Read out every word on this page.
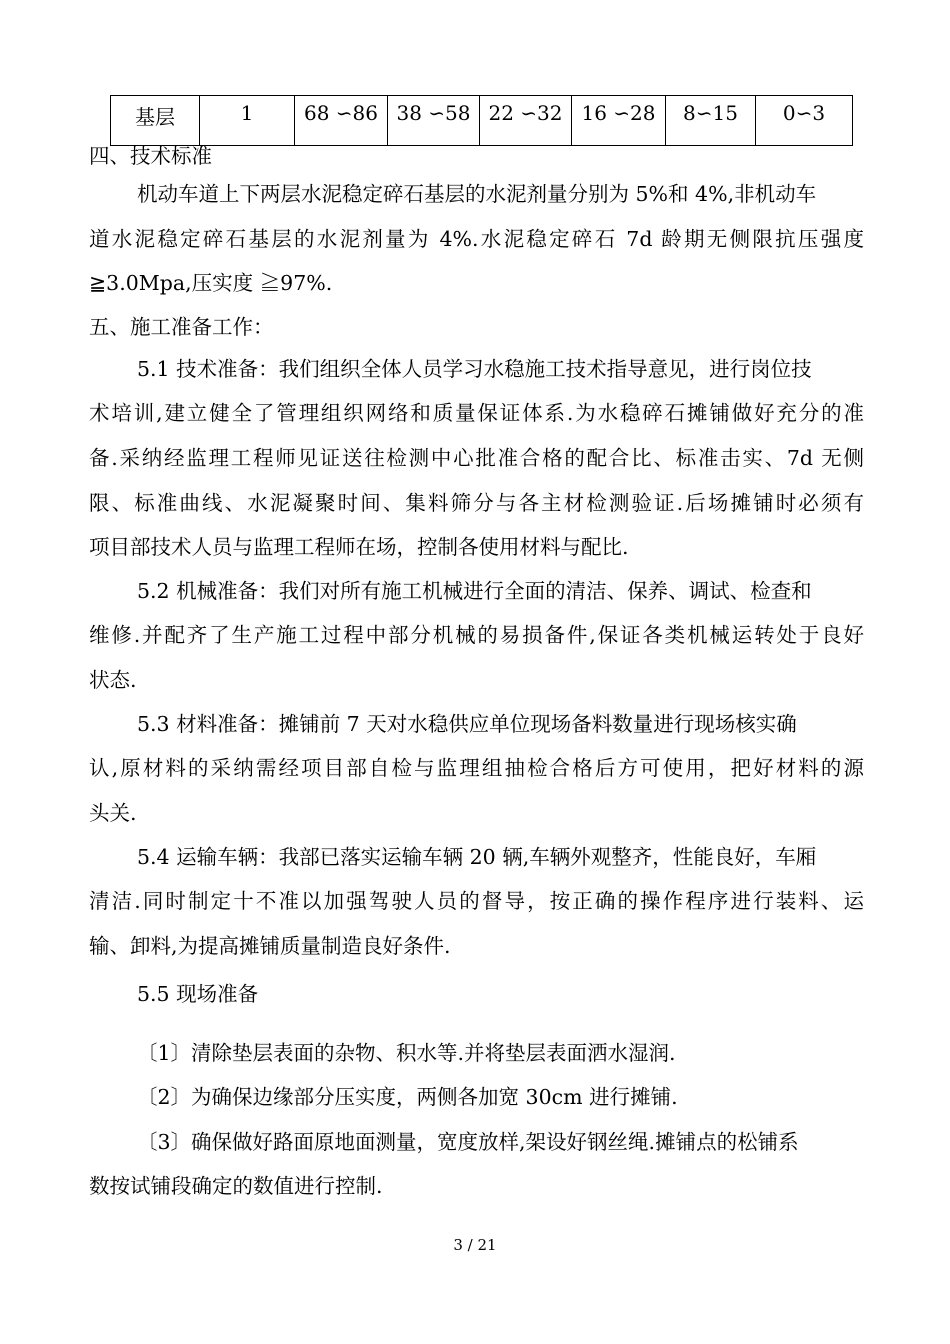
基层	1	68 ∽86	38 ∽58	22 ∽32	16 ∽28	8∽15	0∽3
四、技术标准
机动车道上下两层水泥稳定碎石基层的水泥剂量分别为 5%和 4%,非机动车
道水泥稳定碎石基层的水泥剂量为 4%.水泥稳定碎石 7d 龄期无侧限抗压强度
≧3.0Mpa,压实度 ≧97%.
五、施工准备工作：
5.1 技术准备：我们组织全体人员学习水稳施工技术指导意见，进行岗位技
术培训,建立健全了管理组织网络和质量保证体系.为水稳碎石摊铺做好充分的准
备.采纳经监理工程师见证送往检测中心批准合格的配合比、标准击实、7d 无侧
限、标准曲线、水泥凝聚时间、集料筛分与各主材检测验证.后场摊铺时必须有
项目部技术人员与监理工程师在场，控制各使用材料与配比.
5.2 机械准备：我们对所有施工机械进行全面的清洁、保养、调试、检查和
维修.并配齐了生产施工过程中部分机械的易损备件,保证各类机械运转处于良好
状态.
5.3 材料准备：摊铺前 7 天对水稳供应单位现场备料数量进行现场核实确
认,原材料的采纳需经项目部自检与监理组抽检合格后方可使用，把好材料的源
头关.
5.4 运输车辆：我部已落实运输车辆 20 辆,车辆外观整齐，性能良好，车厢
清洁.同时制定十不准以加强驾驶人员的督导，按正确的操作程序进行装料、运
输、卸料,为提高摊铺质量制造良好条件.
5.5 现场准备
〔1〕清除垫层表面的杂物、积水等.并将垫层表面洒水湿润.
〔2〕为确保边缘部分压实度，两侧各加宽 30cm 进行摊铺.
〔3〕确保做好路面原地面测量，宽度放样,架设好钢丝绳.摊铺点的松铺系
数按试铺段确定的数值进行控制.
3 / 21
